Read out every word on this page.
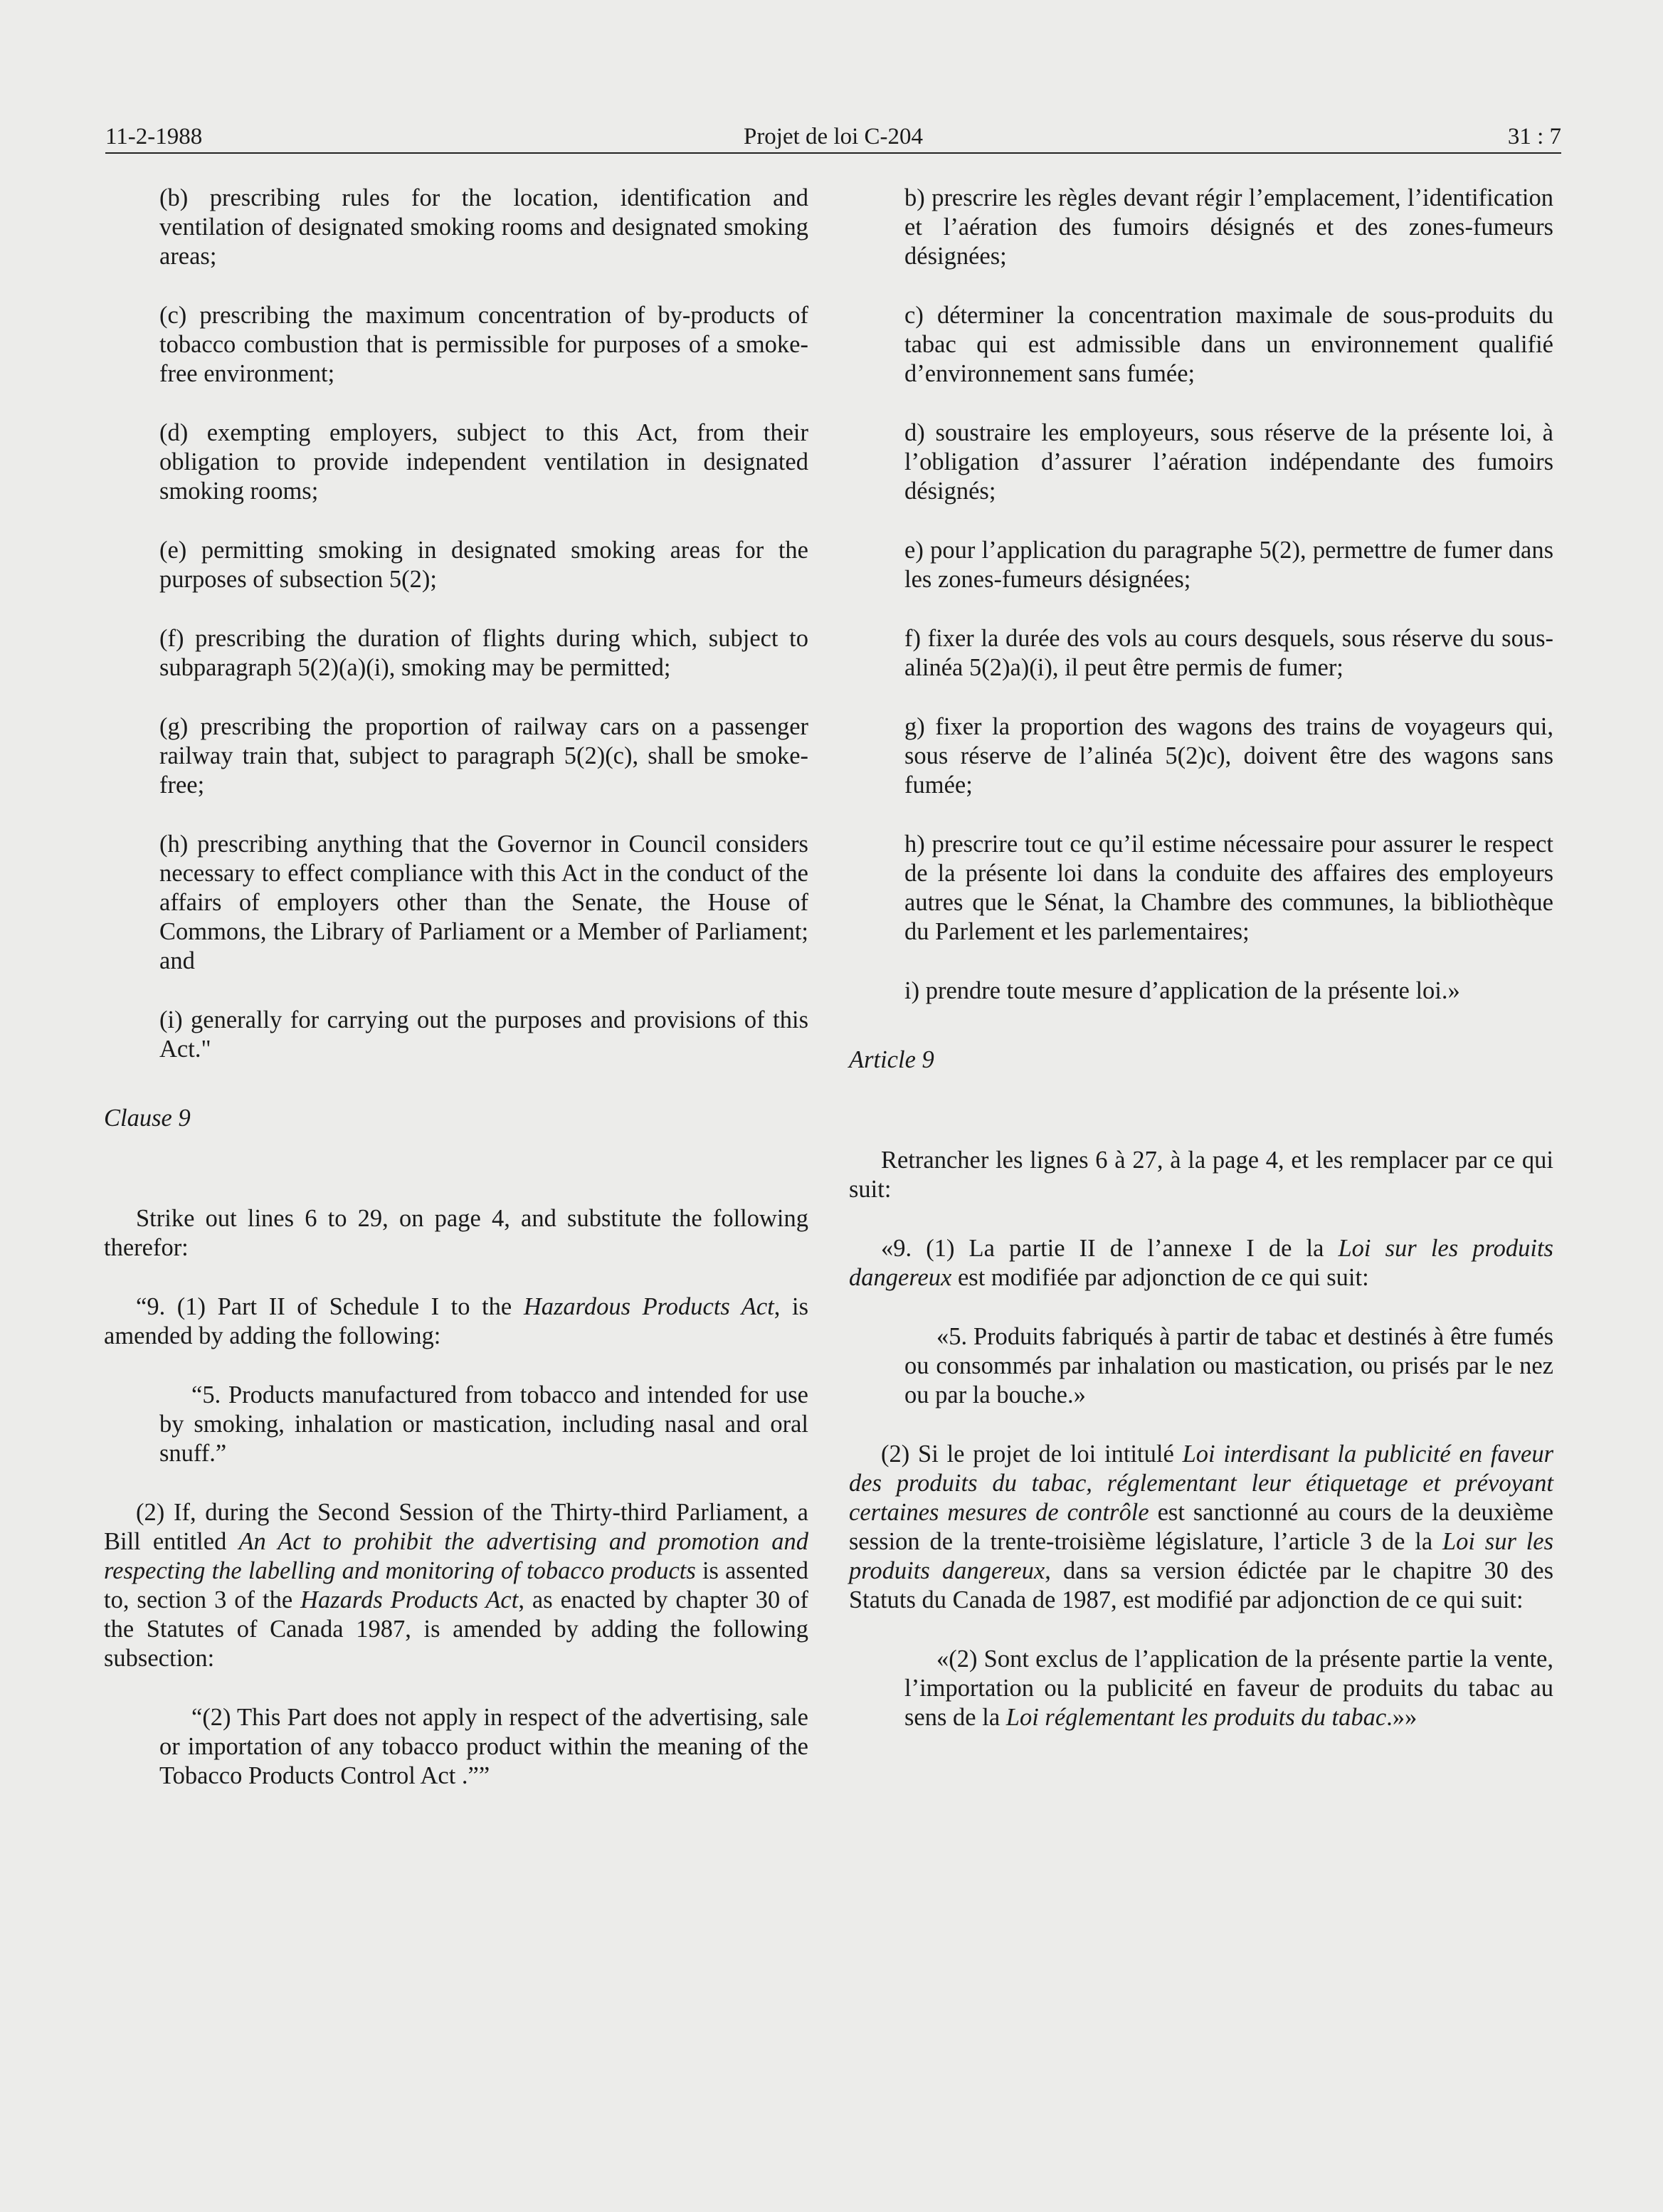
11-2-1988	Projet de loi C-204	31 : 7

(b) prescribing rules for the location, identification and ventilation of designated smoking rooms and designated smoking areas;

(c) prescribing the maximum concentration of by-products of tobacco combustion that is permissible for purposes of a smoke-free environment;

(d) exempting employers, subject to this Act, from their obligation to provide independent ventilation in designated smoking rooms;

(e) permitting smoking in designated smoking areas for the purposes of subsection 5(2);

(f) prescribing the duration of flights during which, subject to subparagraph 5(2)(a)(i), smoking may be permitted;

(g) prescribing the proportion of railway cars on a passenger railway train that, subject to paragraph 5(2)(c), shall be smoke-free;

(h) prescribing anything that the Governor in Council considers necessary to effect compliance with this Act in the conduct of the affairs of employers other than the Senate, the House of Commons, the Library of Parliament or a Member of Parliament; and

(i) generally for carrying out the purposes and provisions of this Act."

Clause 9

Strike out lines 6 to 29, on page 4, and substitute the following therefor:

“9. (1) Part II of Schedule I to the Hazardous Products Act, is amended by adding the following:

“5. Products manufactured from tobacco and intended for use by smoking, inhalation or mastication, including nasal and oral snuff.”

(2) If, during the Second Session of the Thirty-third Parliament, a Bill entitled An Act to prohibit the advertising and promotion and respecting the labelling and monitoring of tobacco products is assented to, section 3 of the Hazards Products Act, as enacted by chapter 30 of the Statutes of Canada 1987, is amended by adding the following subsection:

“(2) This Part does not apply in respect of the advertising, sale or importation of any tobacco product within the meaning of the Tobacco Products Control Act .””

b) prescrire les règles devant régir l’emplacement, l’identification et l’aération des fumoirs désignés et des zones-fumeurs désignées;

c) déterminer la concentration maximale de sous-produits du tabac qui est admissible dans un environnement qualifié d’environnement sans fumée;

d) soustraire les employeurs, sous réserve de la présente loi, à l’obligation d’assurer l’aération indépendante des fumoirs désignés;

e) pour l’application du paragraphe 5(2), permettre de fumer dans les zones-fumeurs désignées;

f) fixer la durée des vols au cours desquels, sous réserve du sous-alinéa 5(2)a)(i), il peut être permis de fumer;

g) fixer la proportion des wagons des trains de voyageurs qui, sous réserve de l’alinéa 5(2)c), doivent être des wagons sans fumée;

h) prescrire tout ce qu’il estime nécessaire pour assurer le respect de la présente loi dans la conduite des affaires des employeurs autres que le Sénat, la Chambre des communes, la bibliothèque du Parlement et les parlementaires;

i) prendre toute mesure d’application de la présente loi.»

Article 9

Retrancher les lignes 6 à 27, à la page 4, et les remplacer par ce qui suit:

«9. (1) La partie II de l’annexe I de la Loi sur les produits dangereux est modifiée par adjonction de ce qui suit:

«5. Produits fabriqués à partir de tabac et destinés à être fumés ou consommés par inhalation ou mastication, ou prisés par le nez ou par la bouche.»

(2) Si le projet de loi intitulé Loi interdisant la publicité en faveur des produits du tabac, réglementant leur étiquetage et prévoyant certaines mesures de contrôle est sanctionné au cours de la deuxième session de la trente-troisième législature, l’article 3 de la Loi sur les produits dangereux, dans sa version édictée par le chapitre 30 des Statuts du Canada de 1987, est modifié par adjonction de ce qui suit:

«(2) Sont exclus de l’application de la présente partie la vente, l’importation ou la publicité en faveur de produits du tabac au sens de la Loi réglementant les produits du tabac.»»
